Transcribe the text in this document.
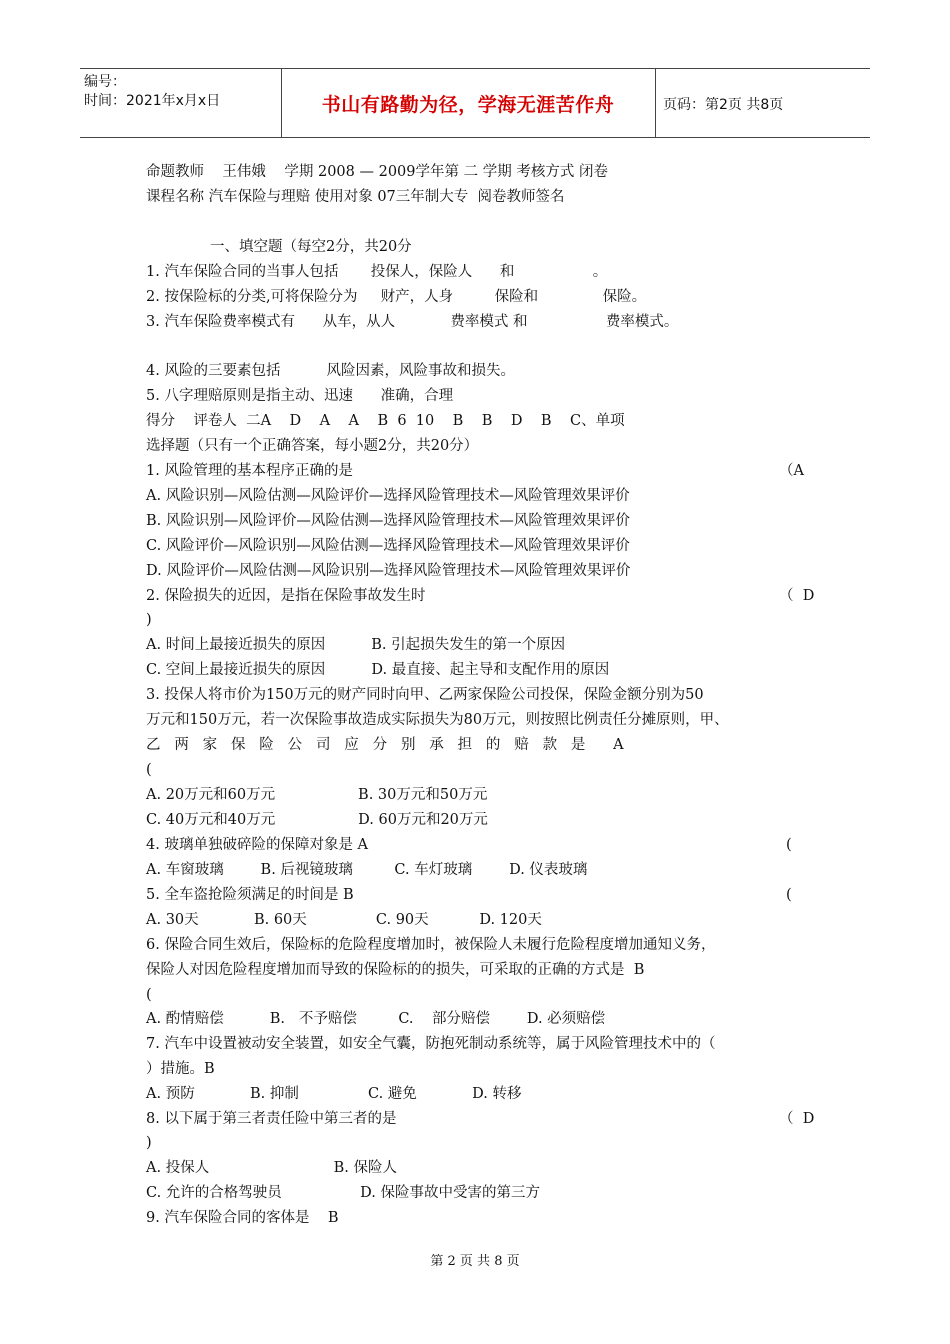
编号：
时间：2021年x月x日	书山有路勤为径，学海无涯苦作舟	页码：第2页 共8页
命题教师    王伟娥    学期 2008 — 2009学年第 二 学期 考核方式 闭卷
课程名称 汽车保险与理赔 使用对象 07三年制大专  阅卷教师签名
一、填空题（每空2分，共20分
1. 汽车保险合同的当事人包括       投保人，保险人      和                 。
2. 按保险标的分类,可将保险分为     财产，人身         保险和              保险。
3. 汽车保险费率模式有      从车，从人            费率模式 和                 费率模式。
4. 风险的三要素包括          风险因素，风险事故和损失。
5. 八字理赔原则是指主动、迅速      准确，合理
得分    评卷人  二A    D    A    A    B  6  10    B    B    D    B    C、单项
选择题（只有一个正确答案，每小题2分，共20分）
1. 风险管理的基本程序正确的是	（A
A. 风险识别—风险估测—风险评价—选择风险管理技术—风险管理效果评价
B. 风险识别—风险评价—风险估测—选择风险管理技术—风险管理效果评价
C. 风险评价—风险识别—风险估测—选择风险管理技术—风险管理效果评价
D. 风险评价—风险估测—风险识别—选择风险管理技术—风险管理效果评价
2. 保险损失的近因，是指在保险事故发生时	（  D
)
A. 时间上最接近损失的原因          B. 引起损失发生的第一个原因
C. 空间上最接近损失的原因          D. 最直接、起主导和支配作用的原因
3. 投保人将市价为150万元的财产同时向甲、乙两家保险公司投保，保险金额分别为50
万元和150万元，若一次保险事故造成实际损失为80万元，则按照比例责任分摊原则，甲、
乙   两   家   保   险   公   司   应   分   别   承   担   的   赔   款   是      A
(
A. 20万元和60万元                  B. 30万元和50万元
C. 40万元和40万元                  D. 60万元和20万元
4. 玻璃单独破碎险的保障对象是 A	(
A. 车窗玻璃        B. 后视镜玻璃         C. 车灯玻璃        D. 仪表玻璃
5. 全车盗抢险须满足的时间是 B	(
A. 30天            B. 60天               C. 90天           D. 120天
6. 保险合同生效后，保险标的危险程度增加时，被保险人未履行危险程度增加通知义务，
保险人对因危险程度增加而导致的保险标的的损失，可采取的正确的方式是  B
(
A. 酌情赔偿          B.   不予赔偿         C.    部分赔偿        D. 必须赔偿
7. 汽车中设置被动安全装置，如安全气囊，防抱死制动系统等，属于风险管理技术中的（
）措施。B
A. 预防            B. 抑制               C. 避免            D. 转移
8. 以下属于第三者责任险中第三者的是	（  D
)
A. 投保人                           B. 保险人
C. 允许的合格驾驶员                 D. 保险事故中受害的第三方
9. 汽车保险合同的客体是    B
第 2 页 共 8 页
